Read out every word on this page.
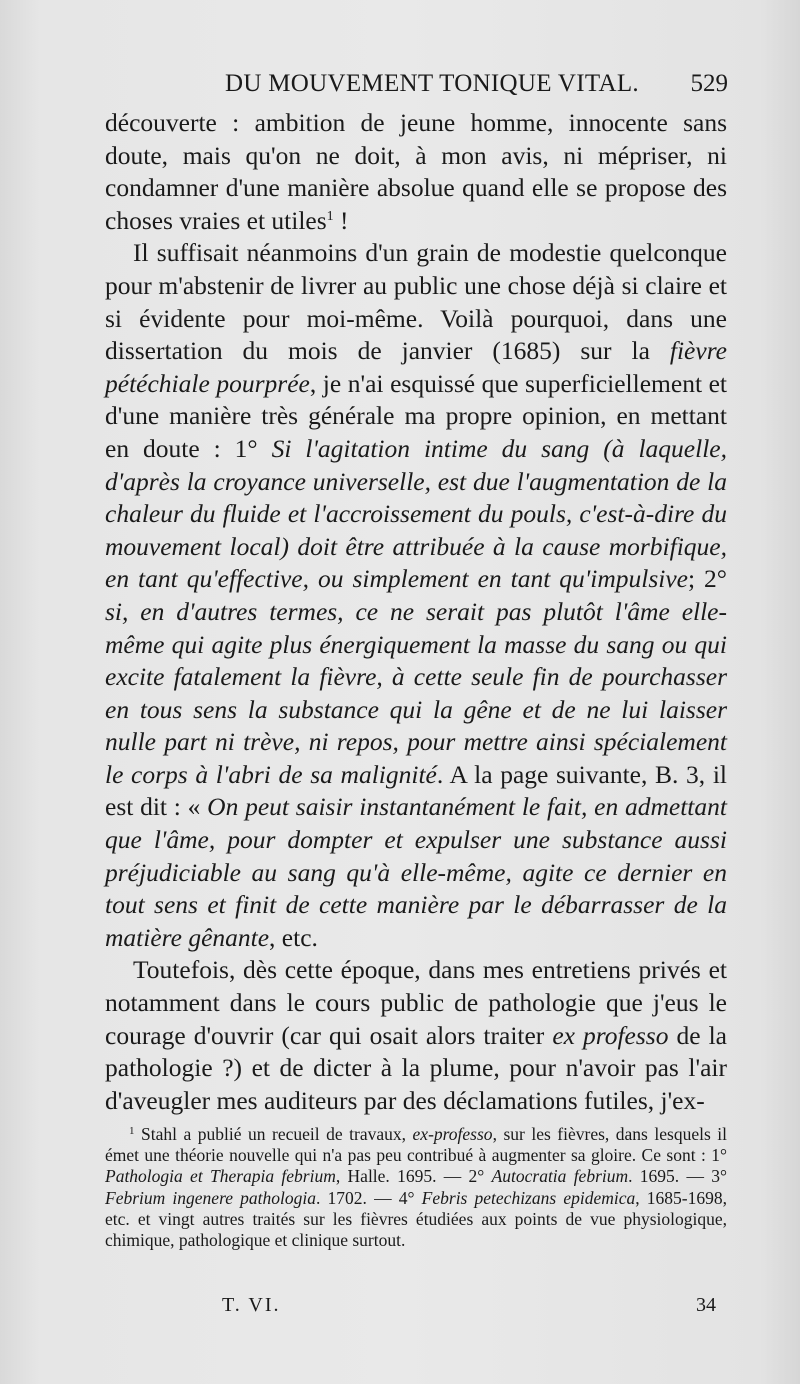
DU MOUVEMENT TONIQUE VITAL. 529

découverte : ambition de jeune homme, innocente sans doute, mais qu'on ne doit, à mon avis, ni mépriser, ni condamner d'une manière absolue quand elle se propose des choses vraies et utiles$^1$ !

Il suffisait néanmoins d'un grain de modestie quelconque pour m'abstenir de livrer au public une chose déjà si claire et si évidente pour moi-même. Voilà pourquoi, dans une dissertation du mois de janvier (1685) sur la fièvre pétéchiale pourprée, je n'ai esquissé que superficiellement et d'une manière très générale ma propre opinion, en mettant en doute : 1° Si l'agitation intime du sang (à laquelle, d'après la croyance universelle, est due l'augmentation de la chaleur du fluide et l'accroissement du pouls, c'est-à-dire du mouvement local) doit être attribuée à la cause morbifique, en tant qu'effective, ou simplement en tant qu'impulsive; 2° si, en d'autres termes, ce ne serait pas plutôt l'âme elle-même qui agite plus énergiquement la masse du sang ou qui excite fatalement la fièvre, à cette seule fin de pourchasser en tous sens la substance qui la gêne et de ne lui laisser nulle part ni trève, ni repos, pour mettre ainsi spécialement le corps à l'abri de sa malignité. A la page suivante, B. 3, il est dit : « On peut saisir instantanément le fait, en admettant que l'âme, pour dompter et expulser une substance aussi préjudiciable au sang qu'à elle-même, agite ce dernier en tout sens et finit de cette manière par le débarrasser de la matière gênante, etc.

Toutefois, dès cette époque, dans mes entretiens privés et notamment dans le cours public de pathologie que j'eus le courage d'ouvrir (car qui osait alors traiter ex professo de la pathologie ?) et de dicter à la plume, pour n'avoir pas l'air d'aveugler mes auditeurs par des déclamations futiles, j'ex-

$^1$ Stahl a publié un recueil de travaux, ex-professo, sur les fièvres, dans lesquels il émet une théorie nouvelle qui n'a pas peu contribué à augmenter sa gloire. Ce sont : 1° Pathologia et Therapia febrium, Halle. 1695. — 2° Autocratia febrium. 1695. — 3° Febrium ingenere pathologia. 1702. — 4° Febris petechizans epidemica, 1685-1698, etc. et vingt autres traités sur les fièvres étudiées aux points de vue physiologique, chimique, pathologique et clinique surtout.

T. VI.	34
